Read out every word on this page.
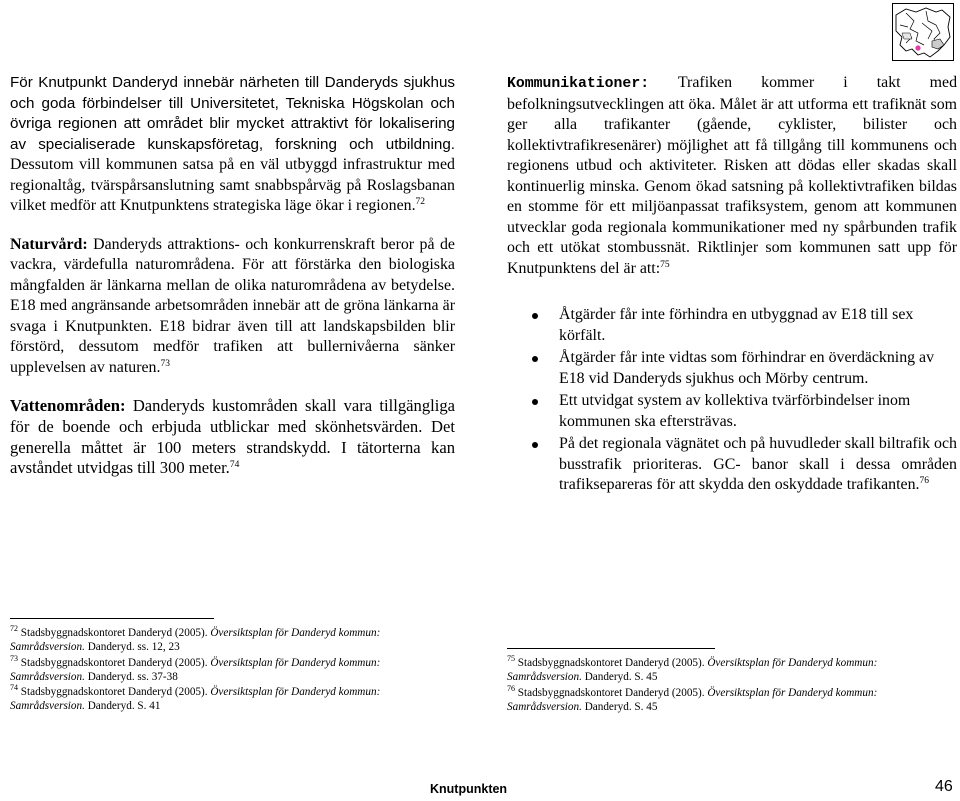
För Knutpunkt Danderyd innebär närheten till Danderyds sjukhus och goda förbindelser till Universitetet, Tekniska Högskolan och övriga regionen att området blir mycket attraktivt för lokalisering av specialiserade kunskapsföretag, forskning och utbildning. Dessutom vill kommunen satsa på en väl utbyggd infrastruktur med regionaltåg, tvärspårsanslutning samt snabbspårväg på Roslagsbanan vilket medför att Knutpunktens strategiska läge ökar i regionen.$^{72}$

Naturvård: Danderyds attraktions- och konkurrenskraft beror på de vackra, värdefulla naturområdena. För att förstärka den biologiska mångfalden är länkarna mellan de olika naturområdena av betydelse. E18 med angränsande arbetsområden innebär att de gröna länkarna är svaga i Knutpunkten. E18 bidrar även till att landskapsbilden blir förstörd, dessutom medför trafiken att bullernivåerna sänker upplevelsen av naturen.$^{73}$

Vattenområden: Danderyds kustområden skall vara tillgängliga för de boende och erbjuda utblickar med skönhetsvärden. Det generella måttet är 100 meters strandskydd. I tätorterna kan avståndet utvidgas till 300 meter.$^{74}$

Kommunikationer: Trafiken kommer i takt med befolkningsutvecklingen att öka. Målet är att utforma ett trafiknät som ger alla trafikanter (gående, cyklister, bilister och kollektivtrafikresenärer) möjlighet att få tillgång till kommunens och regionens utbud och aktiviteter. Risken att dödas eller skadas skall kontinuerlig minska. Genom ökad satsning på kollektivtrafiken bildas en stomme för ett miljöanpassat trafiksystem, genom att kommunen utvecklar goda regionala kommunikationer med ny spårbunden trafik och ett utökat stombussnät. Riktlinjer som kommunen satt upp för Knutpunktens del är att:$^{75}$

Åtgärder får inte förhindra en utbyggnad av E18 till sex körfält.
Åtgärder får inte vidtas som förhindrar en överdäckning av E18 vid Danderyds sjukhus och Mörby centrum.
Ett utvidgat system av kollektiva tvärförbindelser inom kommunen ska eftersträvas.
På det regionala vägnätet och på huvudleder skall biltrafik och busstrafik prioriteras. GC- banor skall i dessa områden trafiksepareras för att skydda den oskyddade trafikanten.$^{76}$
$^{72}$ Stadsbyggnadskontoret Danderyd (2005). Översiktsplan för Danderyd kommun: Samrådsversion. Danderyd. ss. 12, 23
$^{73}$ Stadsbyggnadskontoret Danderyd (2005). Översiktsplan för Danderyd kommun: Samrådsversion. Danderyd. ss. 37-38
$^{74}$ Stadsbyggnadskontoret Danderyd (2005). Översiktsplan för Danderyd kommun: Samrådsversion. Danderyd. S. 41
$^{75}$ Stadsbyggnadskontoret Danderyd (2005). Översiktsplan för Danderyd kommun: Samrådsversion. Danderyd. S. 45
$^{76}$ Stadsbyggnadskontoret Danderyd (2005). Översiktsplan för Danderyd kommun: Samrådsversion. Danderyd. S. 45
Knutpunkten	46
